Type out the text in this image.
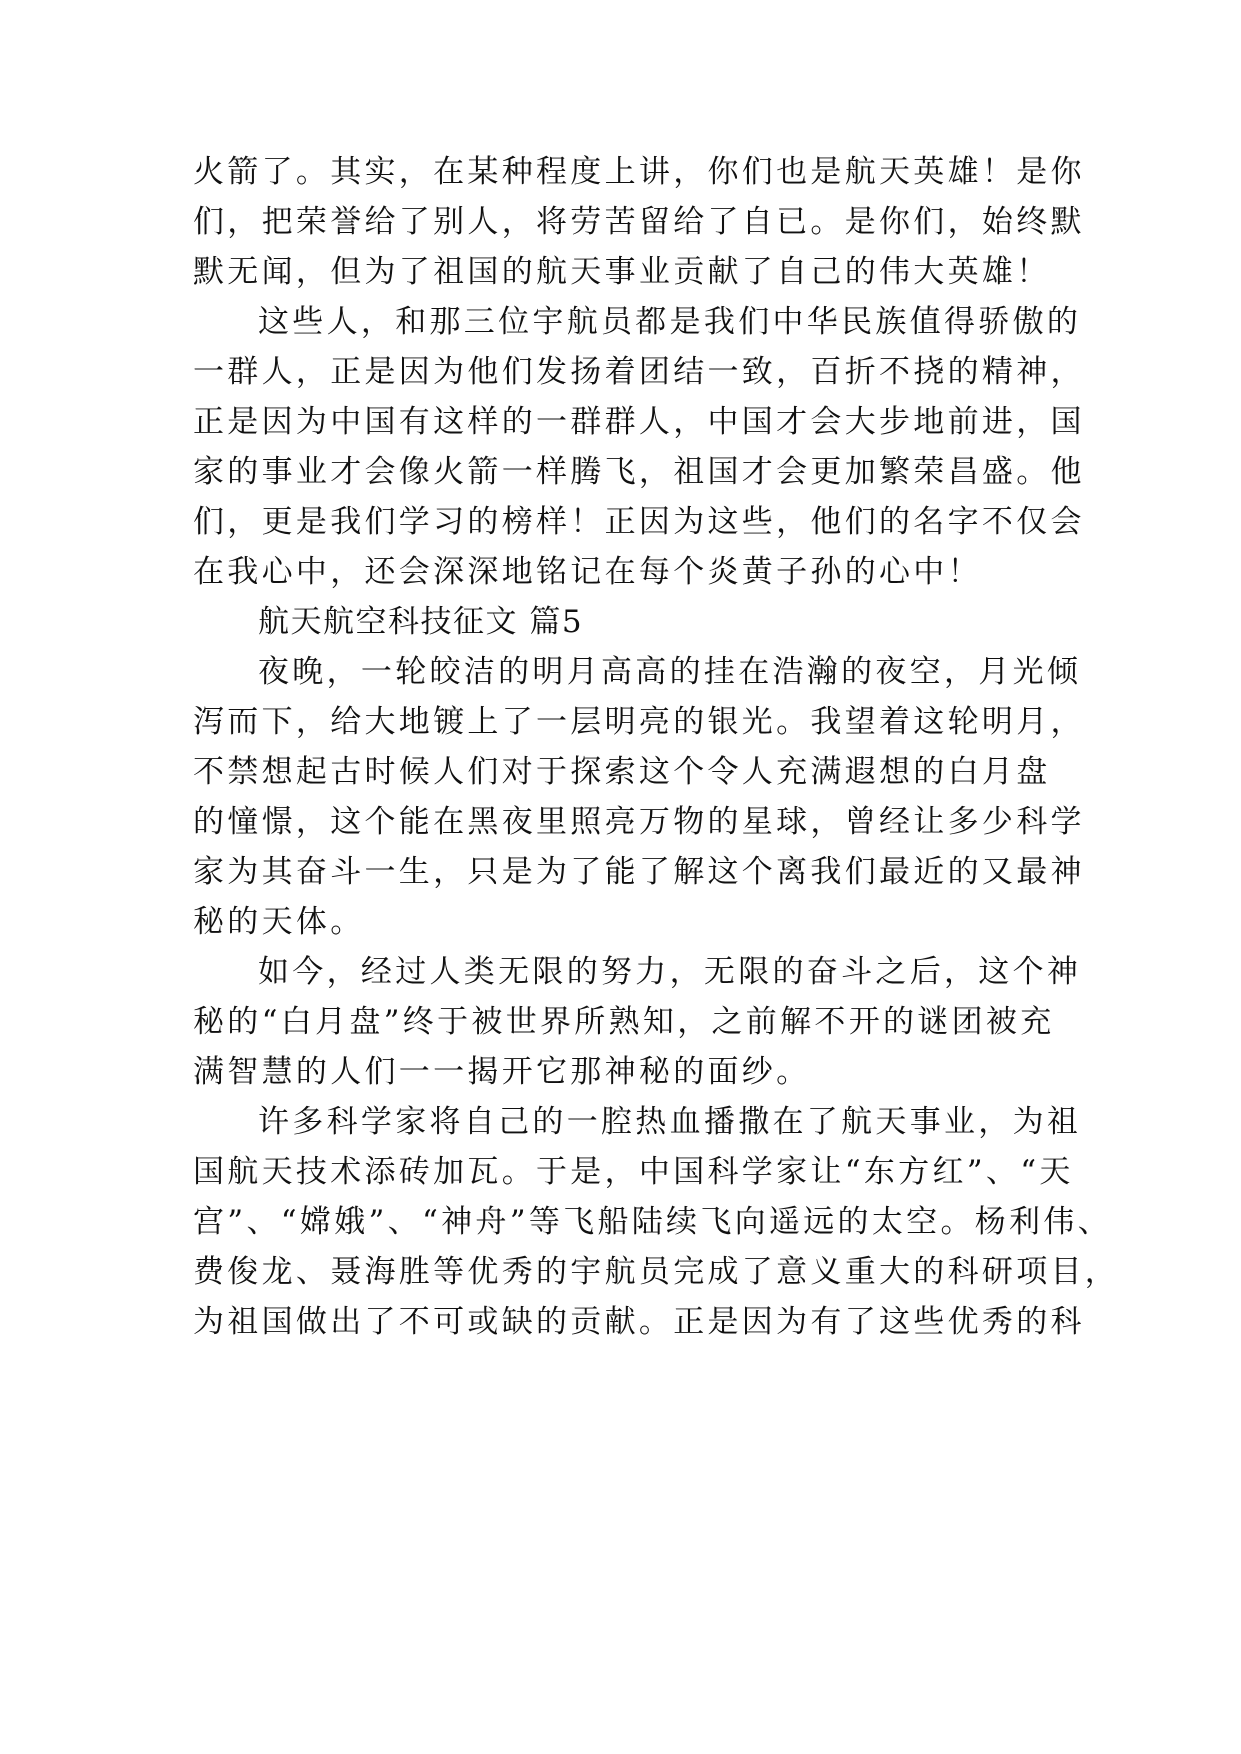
火箭了。其实，在某种程度上讲，你们也是航天英雄！是你

们，把荣誉给了别人，将劳苦留给了自已。是你们，始终默

默无闻，但为了祖国的航天事业贡献了自己的伟大英雄！

这些人，和那三位宇航员都是我们中华民族值得骄傲的

一群人，正是因为他们发扬着团结一致，百折不挠的精神，

正是因为中国有这样的一群群人，中国才会大步地前进，国

家的事业才会像火箭一样腾飞，祖国才会更加繁荣昌盛。他

们，更是我们学习的榜样！正因为这些，他们的名字不仅会

在我心中，还会深深地铭记在每个炎黄子孙的心中！

航天航空科技征文 篇5

夜晚，一轮皎洁的明月高高的挂在浩瀚的夜空，月光倾

泻而下，给大地镀上了一层明亮的银光。我望着这轮明月，

不禁想起古时候人们对于探索这个令人充满遐想的白月盘

的憧憬，这个能在黑夜里照亮万物的星球，曾经让多少科学

家为其奋斗一生，只是为了能了解这个离我们最近的又最神

秘的天体。

如今，经过人类无限的努力，无限的奋斗之后，这个神

秘的“白月盘”终于被世界所熟知，之前解不开的谜团被充

满智慧的人们一一揭开它那神秘的面纱。

许多科学家将自己的一腔热血播撒在了航天事业，为祖

国航天技术添砖加瓦。于是，中国科学家让“东方红”、“天

宫”、“嫦娥”、“神舟”等飞船陆续飞向遥远的太空。杨利伟、

费俊龙、聂海胜等优秀的宇航员完成了意义重大的科研项目，

为祖国做出了不可或缺的贡献。正是因为有了这些优秀的科
